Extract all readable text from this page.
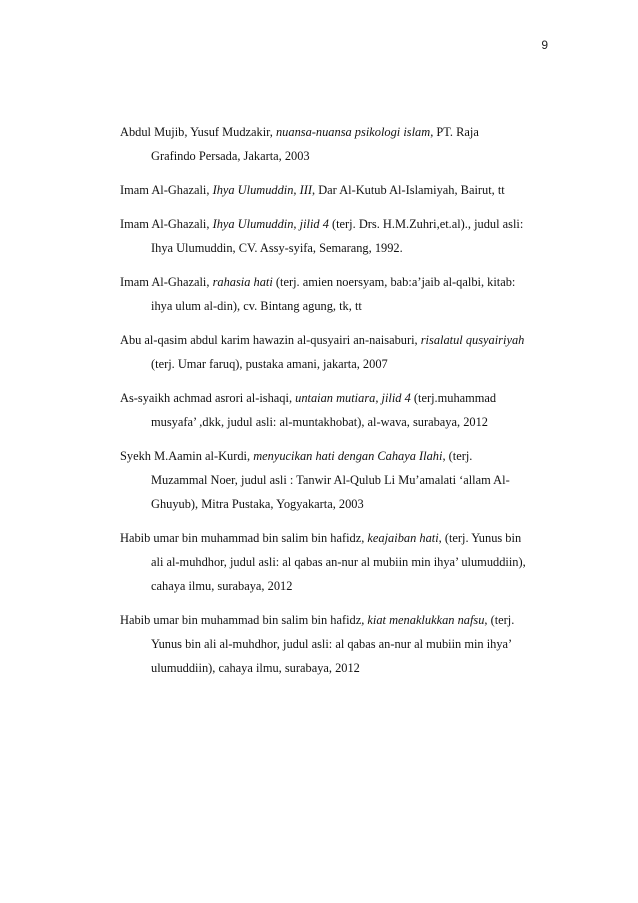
9
Abdul Mujib, Yusuf Mudzakir, nuansa-nuansa psikologi islam, PT. Raja
Grafindo Persada, Jakarta, 2003
Imam Al-Ghazali, Ihya Ulumuddin, III, Dar Al-Kutub Al-Islamiyah, Bairut, tt
Imam Al-Ghazali, Ihya Ulumuddin, jilid 4 (terj. Drs. H.M.Zuhri,et.al)., judul asli:
Ihya Ulumuddin, CV. Assy-syifa, Semarang, 1992.
Imam Al-Ghazali, rahasia hati (terj. amien noersyam, bab:a’jaib al-qalbi, kitab:
ihya ulum al-din), cv. Bintang agung, tk, tt
Abu al-qasim abdul karim hawazin al-qusyairi an-naisaburi, risalatul qusyairiyah
(terj. Umar faruq), pustaka amani, jakarta, 2007
As-syaikh achmad asrori al-ishaqi, untaian mutiara, jilid 4 (terj.muhammad
musyafa’ ,dkk, judul asli: al-muntakhobat), al-wava, surabaya, 2012
Syekh M.Aamin al-Kurdi, menyucikan hati dengan Cahaya Ilahi, (terj.
Muzammal Noer, judul asli : Tanwir Al-Qulub Li Mu’amalati ‘allam Al-
Ghuyub), Mitra Pustaka, Yogyakarta, 2003
Habib umar bin muhammad bin salim bin hafidz, keajaiban hati, (terj. Yunus bin
ali al-muhdhor, judul asli: al qabas an-nur al mubiin min ihya’ ulumuddiin),
cahaya ilmu, surabaya, 2012
Habib umar bin muhammad bin salim bin hafidz, kiat menaklukkan nafsu, (terj.
Yunus bin ali al-muhdhor, judul asli: al qabas an-nur al mubiin min ihya’
ulumuddiin), cahaya ilmu, surabaya, 2012
